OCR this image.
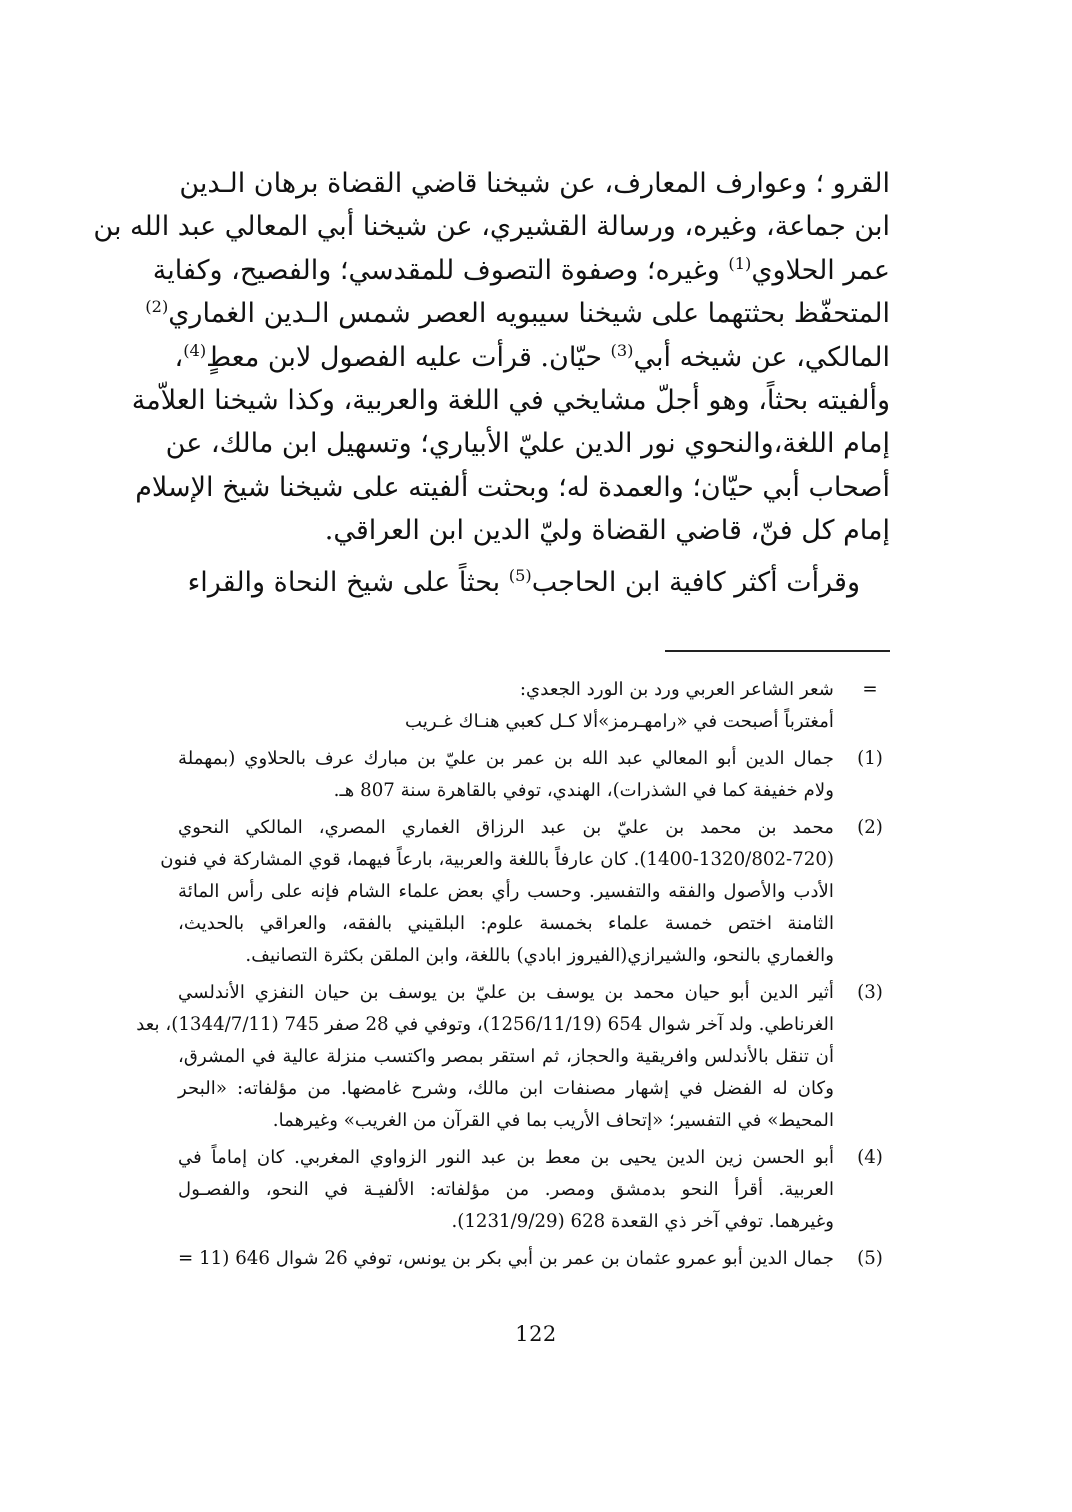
القرو ؛ وعوارف المعارف، عن شيخنا قاضي القضاة برهان الـدين
ابن جماعة، وغيره، ورسالة القشيري، عن شيخنا أبي المعالي عبد الله بن
عمر الحلاوي$^{(1)}$ وغيره؛ وصفوة التصوف للمقدسي؛ والفصيح، وكفاية
المتحفّظ بحثتهما على شيخنا سيبويه العصر شمس الـدين الغماري$^{(2)}$
المالكي، عن شيخه أبي$^{(3)}$ حيّان. قرأت عليه الفصول لابن معطٍ$^{(4)}$،
وألفيته بحثاً، وهو أجلّ مشايخي في اللغة والعربية، وكذا شيخنا العلاّمة
إمام اللغة،والنحوي نور الدين عليّ الأبياري؛ وتسهيل ابن مالك، عن
أصحاب أبي حيّان؛ والعمدة له؛ وبحثت ألفيته على شيخنا شيخ الإسلام
إمام كل فنّ، قاضي القضاة وليّ الدين ابن العراقي.
وقرأت أكثر كافية ابن الحاجب$^{(5)}$ بحثاً على شيخ النحاة والقراء
=
شعر الشاعر العربي ورد بن الورد الجعدي:
أمغترباً أصبحت في «رامهـرمز»
ألا كـل كعبي هنـاك غـريب
(1)
جمال الدين أبو المعالي عبد الله بن عمر بن عليّ بن مبارك عرف بالحلاوي (بمهملة
ولام خفيفة كما في الشذرات)، الهندي، توفي بالقاهرة سنة 807 هـ.
(2)
محمد بن محمد بن عليّ بن عبد الرزاق الغماري المصري، المالكي النحوي
(1400-1320/802-720). كان عارفاً باللغة والعربية، بارعاً فيهما، قوي المشاركة في فنون
الأدب والأصول والفقه والتفسير. وحسب رأي بعض علماء الشام فإنه على رأس المائة
الثامنة اختص خمسة علماء بخمسة علوم: البلقيني بالفقه، والعراقي بالحديث،
والغماري بالنحو، والشيرازي(الفيروز ابادي) باللغة، وابن الملقن بكثرة التصانيف.
(3)
أثير الدين أبو حيان محمد بن يوسف بن عليّ بن يوسف بن حيان النفزي الأندلسي
الغرناطي. ولد آخر شوال 654 (1256/11/19)، وتوفي في 28 صفر 745 (1344/7/11)، بعد
أن تنقل بالأندلس وافريقية والحجاز، ثم استقر بمصر واكتسب منزلة عالية في المشرق،
وكان له الفضل في إشهار مصنفات ابن مالك، وشرح غامضها. من مؤلفاته: «البحر
المحيط» في التفسير؛ «إتحاف الأريب بما في القرآن من الغريب» وغيرهما.
(4)
أبو الحسن زين الدين يحيى بن معط بن عبد النور الزواوي المغربي. كان إماماً في
العربية. أقرأ النحو بدمشق ومصر. من مؤلفاته: الألفيـة في النحو، والفصـول
وغيرهما. توفي آخر ذي القعدة 628 (1231/9/29).
(5)
جمال الدين أبو عمرو عثمان بن عمر بن أبي بكر بن يونس، توفي 26 شوال 646 (11 =
122
